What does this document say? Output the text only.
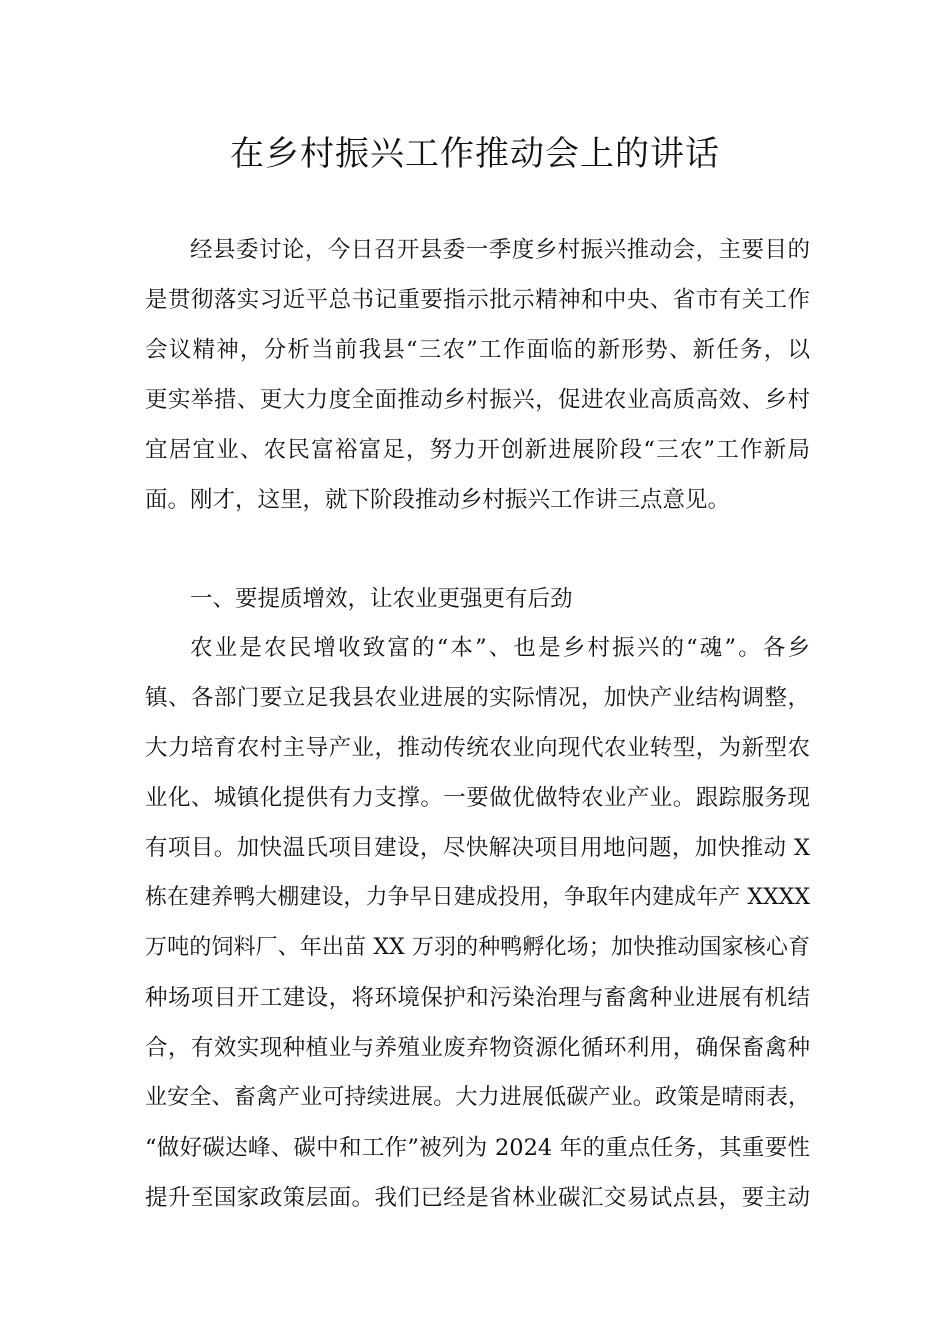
在乡村振兴工作推动会上的讲话
经县委讨论，今日召开县委一季度乡村振兴推动会，主要目的
是贯彻落实习近平总书记重要指示批示精神和中央、省市有关工作
会议精神，分析当前我县“三农”工作面临的新形势、新任务，以
更实举措、更大力度全面推动乡村振兴，促进农业高质高效、乡村
宜居宜业、农民富裕富足，努力开创新进展阶段“三农”工作新局
面。刚才，这里，就下阶段推动乡村振兴工作讲三点意见。
一、要提质增效，让农业更强更有后劲
农业是农民增收致富的“本”、也是乡村振兴的“魂”。各乡
镇、各部门要立足我县农业进展的实际情况，加快产业结构调整，
大力培育农村主导产业，推动传统农业向现代农业转型，为新型农
业化、城镇化提供有力支撑。一要做优做特农业产业。跟踪服务现
有项目。加快温氏项目建设，尽快解决项目用地问题，加快推动 X
栋在建养鸭大棚建设，力争早日建成投用，争取年内建成年产 XXXX
万吨的饲料厂、年出苗 XX 万羽的种鸭孵化场；加快推动国家核心育
种场项目开工建设，将环境保护和污染治理与畜禽种业进展有机结
合，有效实现种植业与养殖业废弃物资源化循环利用，确保畜禽种
业安全、畜禽产业可持续进展。大力进展低碳产业。政策是晴雨表，
“做好碳达峰、碳中和工作”被列为 2024 年的重点任务，其重要性
提升至国家政策层面。我们已经是省林业碳汇交易试点县，要主动
